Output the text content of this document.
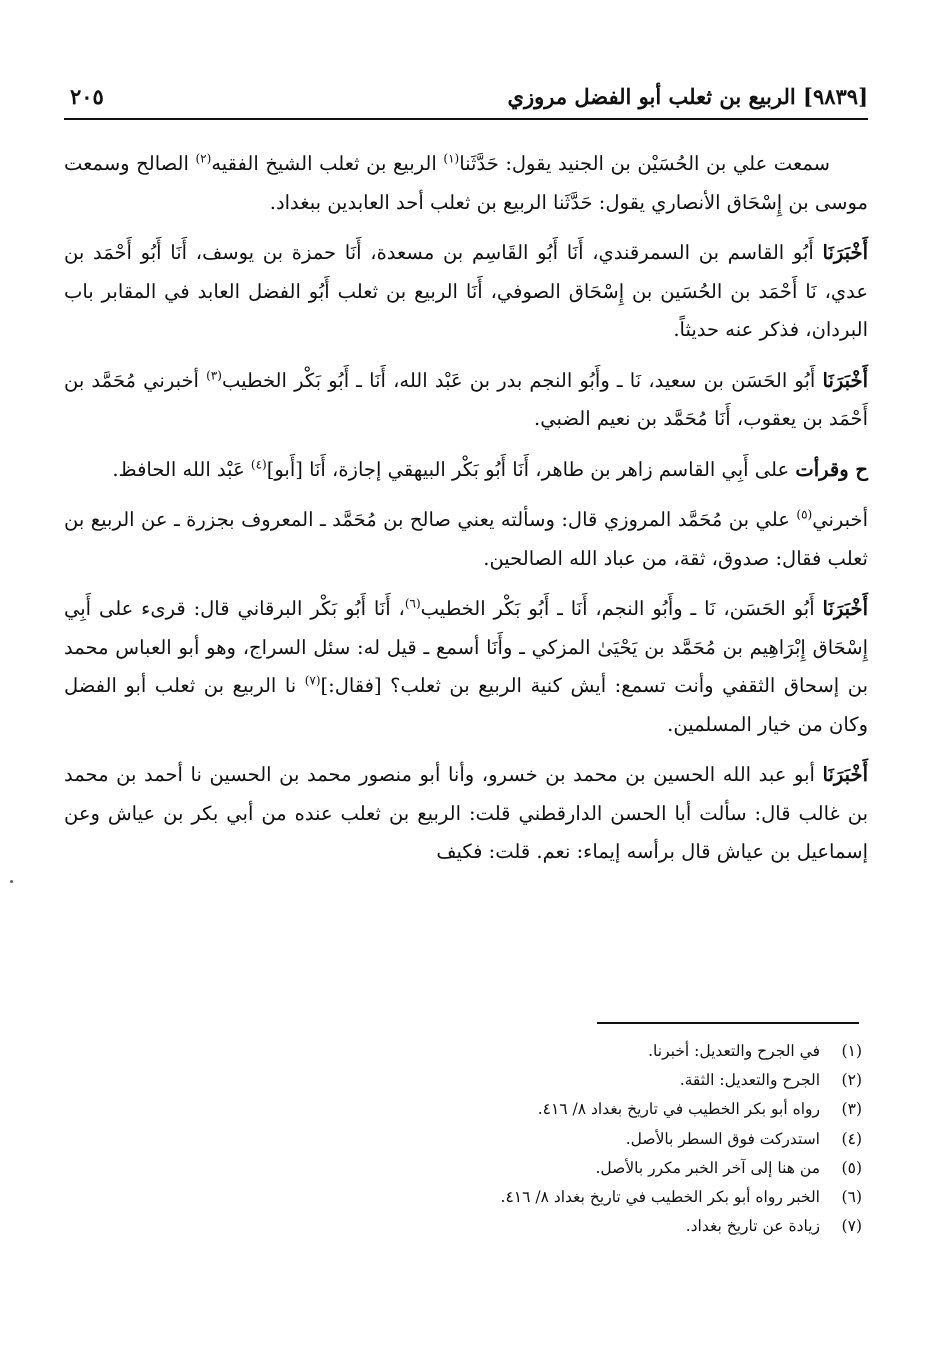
[٩٨٣٩] الربيع بن ثعلب أبو الفضل مروزي
٢٠٥

سمعت علي بن الحُسَيْن بن الجنيد يقول: حَدَّثَنا$^{(١)}$ الربيع بن ثعلب الشيخ الفقيه$^{(٢)}$ الصالح وسمعت موسى بن إِسْحَاق الأنصاري يقول: حَدَّثَنا الربيع بن ثعلب أحد العابدين ببغداد.

أَخْبَرَنَا أَبُو القاسم بن السمرقندي، أَنَا أَبُو القَاسِم بن مسعدة، أَنَا حمزة بن يوسف، أَنَا أَبُو أَحْمَد بن عدي، نَا أَحْمَد بن الحُسَين بن إِسْحَاق الصوفي، أَنَا الربيع بن ثعلب أَبُو الفضل العابد في المقابر باب البردان، فذكر عنه حديثاً.

أَخْبَرَنَا أَبُو الحَسَن بن سعيد، نَا ـ وأَبُو النجم بدر بن عَبْد الله، أَنَا ـ أَبُو بَكْر الخطيب$^{(٣)}$ أخبرني مُحَمَّد بن أَحْمَد بن يعقوب، أَنَا مُحَمَّد بن نعيم الضبي.

ح وقرأت على أَبِي القاسم زاهر بن طاهر، أَنَا أَبُو بَكْر البيهقي إجازة، أَنَا [أَبو]$^{(٤)}$ عَبْد الله الحافظ.

أخبرني$^{(٥)}$ علي بن مُحَمَّد المروزي قال: وسألته يعني صالح بن مُحَمَّد ـ المعروف بجزرة ـ عن الربيع بن ثعلب فقال: صدوق، ثقة، من عباد الله الصالحين.

أَخْبَرَنَا أَبُو الحَسَن، نَا ـ وأَبُو النجم، أَنَا ـ أَبُو بَكْر الخطيب$^{(٦)}$، أَنَا أَبُو بَكْر البرقاني قال: قرىء على أَبِي إِسْحَاق إِبْرَاهِيم بن مُحَمَّد بن يَحْيَىٰ المزكي ـ وأَنَا أسمع ـ قيل له: سئل السراج، وهو أبو العباس محمد بن إسحاق الثقفي وأنت تسمع: أيش كنية الربيع بن ثعلب؟ [فقال:]$^{(٧)}$ نا الربيع بن ثعلب أبو الفضل وكان من خيار المسلمين.

أَخْبَرَنَا أبو عبد الله الحسين بن محمد بن خسرو، وأنا أبو منصور محمد بن الحسين نا أحمد بن محمد بن غالب قال: سألت أبا الحسن الدارقطني قلت: الربيع بن ثعلب عنده من أبي بكر بن عياش وعن إسماعيل بن عياش قال برأسه إيماء: نعم. قلت: فكيف

(١)
في الجرح والتعديل: أخبرنا.
(٢)
الجرح والتعديل: الثقة.
(٣)
رواه أبو بكر الخطيب في تاريخ بغداد ٨/ ٤١٦.
(٤)
استدركت فوق السطر بالأصل.
(٥)
من هنا إلى آخر الخبر مكرر بالأصل.
(٦)
الخبر رواه أبو بكر الخطيب في تاريخ بغداد ٨/ ٤١٦.
(٧)
زيادة عن تاريخ بغداد.
